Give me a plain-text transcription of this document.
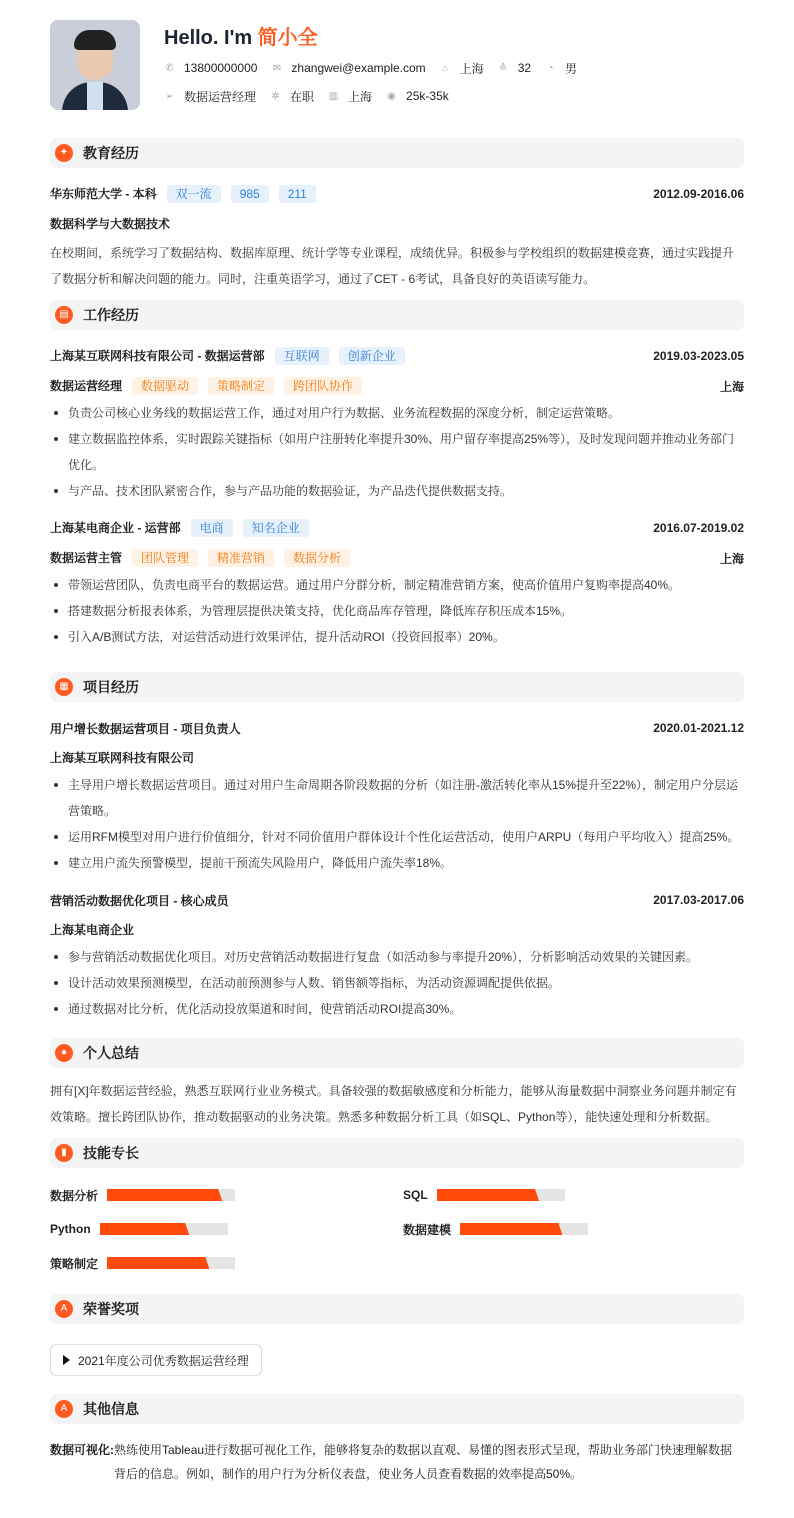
Hello. I'm 简小全
✆ 13800000000 ✉ zhangwei@example.com ⌂ 上海 ≙ 32 ◔ 男
➢ 数据运营经理 ✲ 在职 ▥ 上海 ◉ 25k-35k
✦	教育经历
华东师范大学 - 本科 双一流 985 211	2012.09-2016.06
数据科学与大数据技术

在校期间，系统学习了数据结构、数据库原理、统计学等专业课程，成绩优异。积极参与学校组织的数据建模竞赛，通过实践提升了数据分析和解决问题的能力。同时，注重英语学习，通过了CET - 6考试，具备良好的英语读写能力。

▤	工作经历
上海某互联网科技有限公司 - 数据运营部 互联网 创新企业	2019.03-2023.05
数据运营经理 数据驱动 策略制定 跨团队协作	上海
负责公司核心业务线的数据运营工作，通过对用户行为数据、业务流程数据的深度分析，制定运营策略。
建立数据监控体系，实时跟踪关键指标（如用户注册转化率提升30%、用户留存率提高25%等），及时发现问题并推动业务部门优化。
与产品、技术团队紧密合作，参与产品功能的数据验证，为产品迭代提供数据支持。
上海某电商企业 - 运营部 电商 知名企业	2016.07-2019.02
数据运营主管 团队管理 精准营销 数据分析	上海
带领运营团队，负责电商平台的数据运营。通过用户分群分析，制定精准营销方案，使高价值用户复购率提高40%。
搭建数据分析报表体系，为管理层提供决策支持，优化商品库存管理，降低库存积压成本15%。
引入A/B测试方法，对运营活动进行效果评估，提升活动ROI（投资回报率）20%。
▦	项目经历
用户增长数据运营项目 - 项目负责人	2020.01-2021.12
上海某互联网科技有限公司
主导用户增长数据运营项目。通过对用户生命周期各阶段数据的分析（如注册-激活转化率从15%提升至22%），制定用户分层运营策略。
运用RFM模型对用户进行价值细分，针对不同价值用户群体设计个性化运营活动，使用户ARPU（每用户平均收入）提高25%。
建立用户流失预警模型，提前干预流失风险用户，降低用户流失率18%。
营销活动数据优化项目 - 核心成员	2017.03-2017.06
上海某电商企业
参与营销活动数据优化项目。对历史营销活动数据进行复盘（如活动参与率提升20%），分析影响活动效果的关键因素。
设计活动效果预测模型，在活动前预测参与人数、销售额等指标，为活动资源调配提供依据。
通过数据对比分析，优化活动投放渠道和时间，使营销活动ROI提高30%。
●	个人总结

拥有[X]年数据运营经验，熟悉互联网行业业务模式。具备较强的数据敏感度和分析能力，能够从海量数据中洞察业务问题并制定有效策略。擅长跨团队协作，推动数据驱动的业务决策。熟悉多种数据分析工具（如SQL、Python等），能快速处理和分析数据。

▮	技能专长
数据分析	SQL
Python	数据建模
策略制定
A	荣誉奖项
2021年度公司优秀数据运营经理
A	其他信息
数据可视化: 熟练使用Tableau进行数据可视化工作，能够将复杂的数据以直观、易懂的图表形式呈现，帮助业务部门快速理解数据背后的信息。例如，制作的用户行为分析仪表盘，使业务人员查看数据的效率提高50%。
